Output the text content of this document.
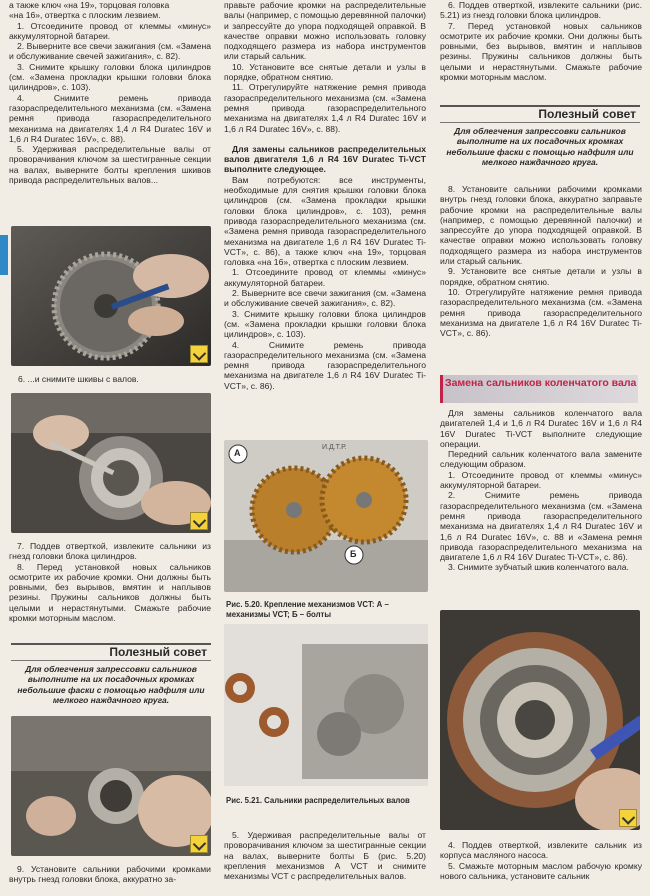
а также ключ «на 19», торцовая головка

«на 16», отвертка с плоским лезвием.

1. Отсоедините провод от клеммы «минус» аккумуляторной батареи.

2. Выверните все свечи зажигания (см. «Замена и обслуживание свечей зажигания», с. 82).

3. Снимите крышку головки блока цилиндров (см. «Замена прокладки крышки головки блока цилиндров», с. 103).

4. Снимите ремень привода газораспределительного механизма (см. «Замена ремня привода газораспределительного механизма на двигателях 1,4 л R4 Duratec 16V и 1,6 л R4 Duratec 16V», с. 88).

5. Удерживая распределительные валы от проворачивания ключом за шестигранные секции на валах, выверните болты крепления шкивов привода распределительных валов...

6. ...и снимите шкивы с валов.

7. Поддев отверткой, извлеките сальники из гнезд головки блока цилиндров.

8. Перед установкой новых сальников осмотрите их рабочие кромки. Они должны быть ровными, без вырывов, вмятин и наплывов резины. Пружины сальников должны быть целыми и нерастянутыми. Смажьте рабочие кромки моторным маслом.

Полезный совет
Для облегчения запрессовки сальников выполните на их посадочных кромках небольшие фаски с помощью надфиля или мелкого наждачного круга.

9. Установите сальники рабочими кромками внутрь гнезд головки блока, аккуратно за-

правьте рабочие кромки на распределительные валы (например, с помощью деревянной палочки) и запрессуйте до упора подходящей оправкой. В качестве оправки можно использовать головку подходящего размера из набора инструментов или старый сальник.

10. Установите все снятые детали и узлы в порядке, обратном снятию.

11. Отрегулируйте натяжение ремня привода газораспределительного механизма (см. «Замена ремня привода газораспределительного механизма на двигателях 1,4 л R4 Duratec 16V и 1,6 л R4 Duratec 16V», с. 88).

Для замены сальников распределительных валов двигателя 1,6 л R4 16V Duratec Ti-VCT выполните следующее.

Вам потребуются: все инструменты, необходимые для снятия крышки головки блока цилиндров (см. «Замена прокладки крышки головки блока цилиндров», с. 103), ремня привода газораспределительного механизма (см. «Замена ремня привода газораспределительного механизма на двигателе 1,6 л R4 16V Duratec Ti-VCT», с. 86), а также ключ «на 19», торцовая головка «на 16», отвертка с плоским лезвием.

1. Отсоедините провод от клеммы «минус» аккумуляторной батареи.

2. Выверните все свечи зажигания (см. «Замена и обслуживание свечей зажигания», с. 82).

3. Снимите крышку головки блока цилиндров (см. «Замена прокладки крышки головки блока цилиндров», с. 103).

4. Снимите ремень привода газораспределительного механизма (см. «Замена ремня привода газораспределительного механизма на двигателе 1,6 л R4 16V Duratec Ti-VCT», с. 86).

А
Б
И.Д.Т.Р.
Рис. 5.20. Крепление механизмов VCT: А – механизмы VCT; Б – болты
Рис. 5.21. Сальники распределительных валов

5. Удерживая распределительные валы от проворачивания ключом за шестигранные секции на валах, выверните болты Б (рис. 5.20) крепления механизмов А VCT и снимите механизмы VCT с распределительных валов.

6. Поддев отверткой, извлеките сальники (рис. 5.21) из гнезд головки блока цилиндров.

7. Перед установкой новых сальников осмотрите их рабочие кромки. Они должны быть ровными, без вырывов, вмятин и наплывов резины. Пружины сальников должны быть целыми и нерастянутыми. Смажьте рабочие кромки моторным маслом.

Полезный совет
Для облегчения запрессовки сальников выполните на их посадочных кромках небольшие фаски с помощью надфиля или мелкого наждачного круга.

8. Установите сальники рабочими кромками внутрь гнезд головки блока, аккуратно заправьте рабочие кромки на распределительные валы (например, с помощью деревянной палочки) и запрессуйте до упора подходящей оправкой. В качестве оправки можно использовать головку подходящего размера из набора инструментов или старый сальник.

9. Установите все снятые детали и узлы в порядке, обратном снятию.

10. Отрегулируйте натяжение ремня привода газораспределительного механизма (см. «Замена ремня привода газораспределительного механизма на двигателе 1,6 л R4 16V Duratec Ti-VCT», с. 86).

Замена сальников коленчатого вала

Для замены сальников коленчатого вала двигателей 1,4 и 1,6 л R4 Duratec 16V и 1,6 л R4 16V Duratec Ti-VCT выполните следующие операции.

Передний сальник коленчатого вала замените следующим образом.

1. Отсоедините провод от клеммы «минус» аккумуляторной батареи.

2. Снимите ремень привода газораспределительного механизма (см. «Замена ремня привода газораспределительного механизма на двигателях 1,4 л R4 Duratec 16V и 1,6 л R4 Duratec 16V», с. 88 и «Замена ремня привода газораспределительного механизма на двигателе 1,6 л R4 16V Duratec Ti-VCT», с. 86).

3. Снимите зубчатый шкив коленчатого вала.

4. Поддев отверткой, извлеките сальник из корпуса масляного насоса.

5. Смажьте моторным маслом рабочую кромку нового сальника, установите сальник
